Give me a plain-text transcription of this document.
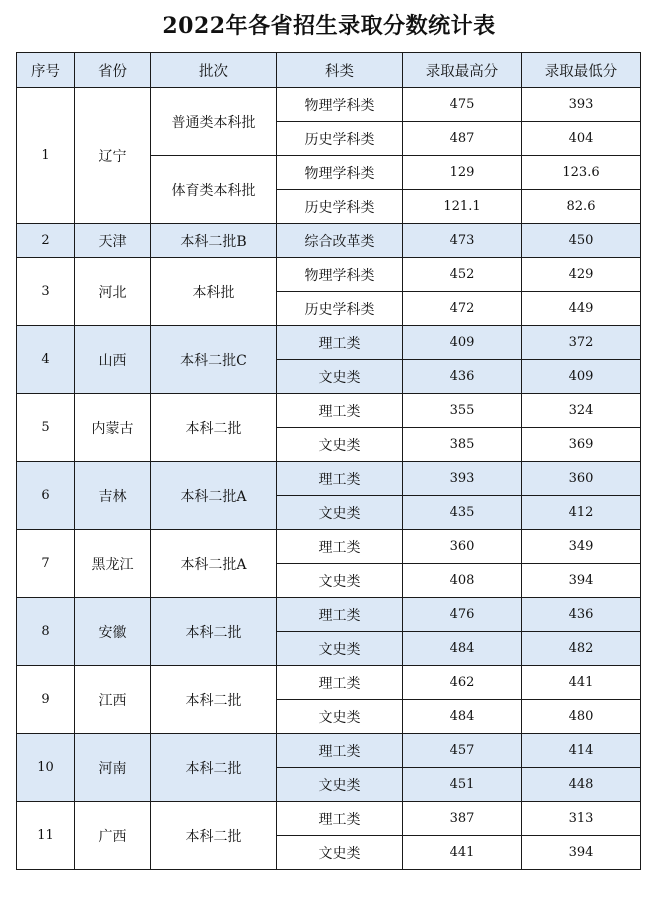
2022年各省招生录取分数统计表
序号	省份	批次	科类	录取最高分	录取最低分
1	辽宁	普通类本科批	物理学科类	475	393
			历史学科类	487	404
		体育类本科批	物理学科类	129	123.6
			历史学科类	121.1	82.6
2	天津	本科二批B	综合改革类	473	450
3	河北	本科批	物理学科类	452	429
			历史学科类	472	449
4	山西	本科二批C	理工类	409	372
			文史类	436	409
5	内蒙古	本科二批	理工类	355	324
			文史类	385	369
6	吉林	本科二批A	理工类	393	360
			文史类	435	412
7	黑龙江	本科二批A	理工类	360	349
			文史类	408	394
8	安徽	本科二批	理工类	476	436
			文史类	484	482
9	江西	本科二批	理工类	462	441
			文史类	484	480
10	河南	本科二批	理工类	457	414
			文史类	451	448
11	广西	本科二批	理工类	387	313
			文史类	441	394
